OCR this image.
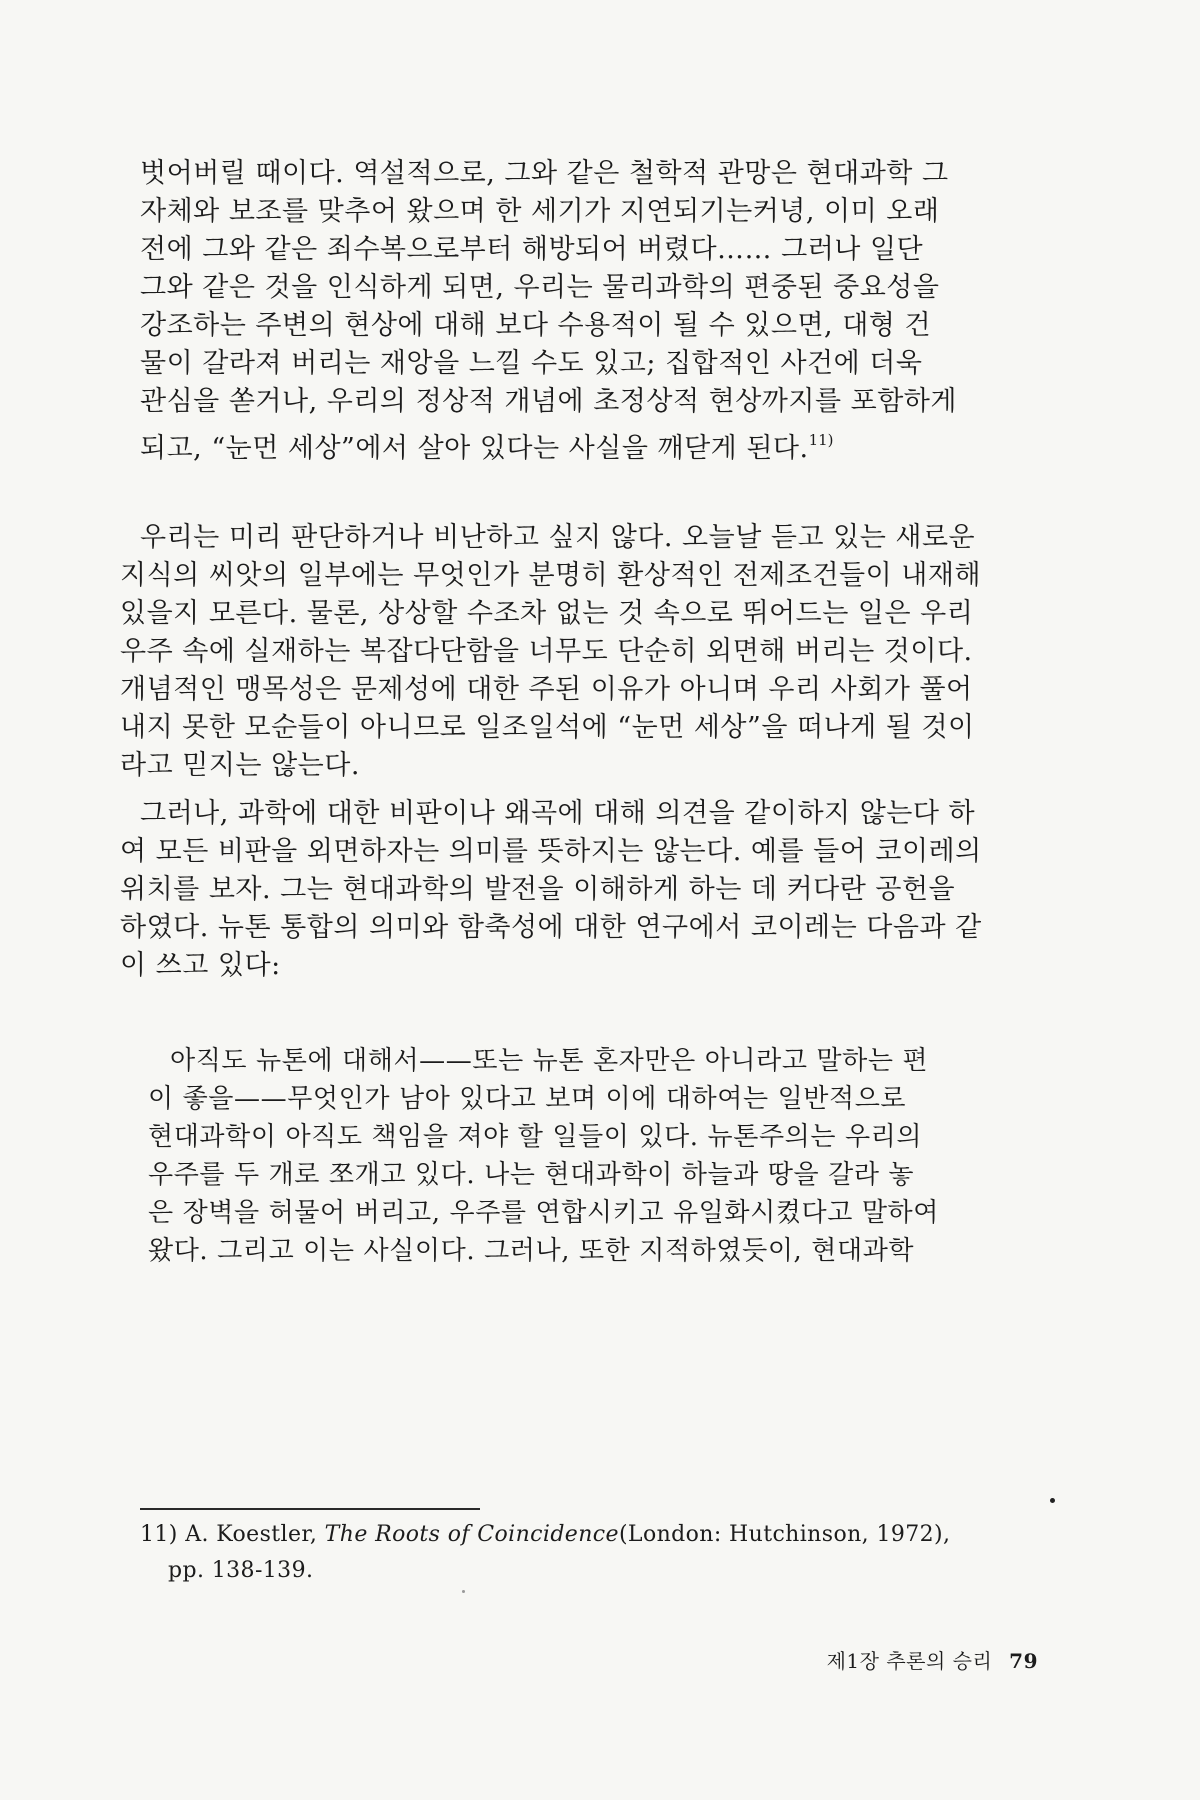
벗어버릴 때이다. 역설적으로, 그와 같은 철학적 관망은 현대과학 그
자체와 보조를 맞추어 왔으며 한 세기가 지연되기는커녕, 이미 오래
전에 그와 같은 죄수복으로부터 해방되어 버렸다…… 그러나 일단
그와 같은 것을 인식하게 되면, 우리는 물리과학의 편중된 중요성을
강조하는 주변의 현상에 대해 보다 수용적이 될 수 있으면, 대형 건
물이 갈라져 버리는 재앙을 느낄 수도 있고; 집합적인 사건에 더욱
관심을 쏟거나, 우리의 정상적 개념에 초정상적 현상까지를 포함하게
되고, “눈먼 세상”에서 살아 있다는 사실을 깨닫게 된다.$^{11)}$
우리는 미리 판단하거나 비난하고 싶지 않다. 오늘날 듣고 있는 새로운
지식의 씨앗의 일부에는 무엇인가 분명히 환상적인 전제조건들이 내재해
있을지 모른다. 물론, 상상할 수조차 없는 것 속으로 뛰어드는 일은 우리
우주 속에 실재하는 복잡다단함을 너무도 단순히 외면해 버리는 것이다.
개념적인 맹목성은 문제성에 대한 주된 이유가 아니며 우리 사회가 풀어
내지 못한 모순들이 아니므로 일조일석에 “눈먼 세상”을 떠나게 될 것이
라고 믿지는 않는다.
그러나, 과학에 대한 비판이나 왜곡에 대해 의견을 같이하지 않는다 하
여 모든 비판을 외면하자는 의미를 뜻하지는 않는다. 예를 들어 코이레의
위치를 보자. 그는 현대과학의 발전을 이해하게 하는 데 커다란 공헌을
하였다. 뉴톤 통합의 의미와 함축성에 대한 연구에서 코이레는 다음과 같
이 쓰고 있다:
아직도 뉴톤에 대해서——또는 뉴톤 혼자만은 아니라고 말하는 편
이 좋을——무엇인가 남아 있다고 보며 이에 대하여는 일반적으로
현대과학이 아직도 책임을 져야 할 일들이 있다. 뉴톤주의는 우리의
우주를 두 개로 쪼개고 있다. 나는 현대과학이 하늘과 땅을 갈라 놓
은 장벽을 허물어 버리고, 우주를 연합시키고 유일화시켰다고 말하여
왔다. 그리고 이는 사실이다. 그러나, 또한 지적하였듯이, 현대과학
11) A. Koestler, The Roots of Coincidence(London: Hutchinson, 1972),
pp. 138-139.
제1장 추론의 승리 79
